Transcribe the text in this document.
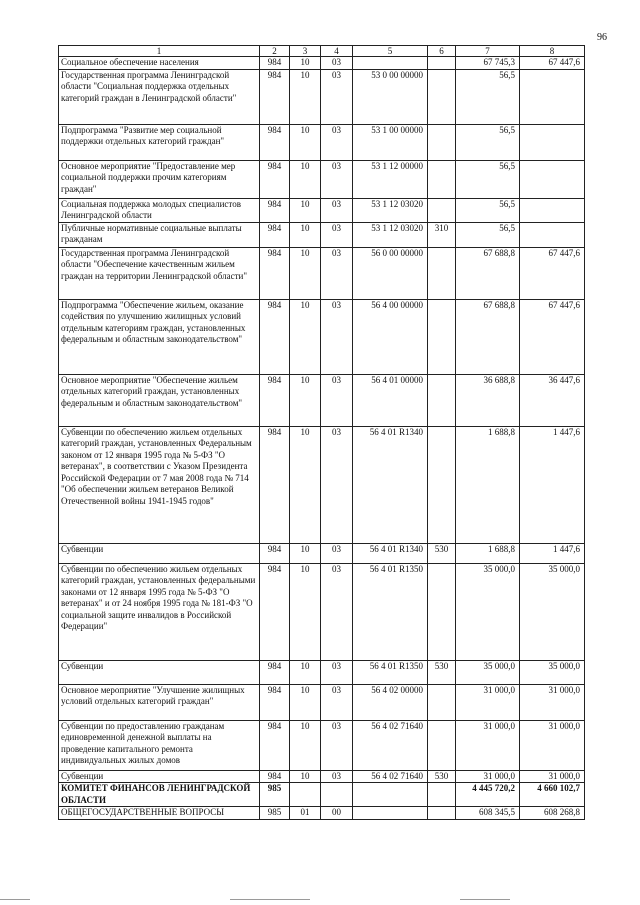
96
1	2	3	4	5	6	7	8
Социальное обеспечение населения	984	10	03			67 745,3	67 447,6
Государственная программа Ленинградской области "Социальная поддержка отдельных категорий граждан в Ленинградской области"	984	10	03	53 0 00 00000		56,5	
Подпрограмма "Развитие мер социальной поддержки отдельных категорий граждан"	984	10	03	53 1 00 00000		56,5	
Основное мероприятие "Предоставление мер социальной поддержки прочим категориям граждан"	984	10	03	53 1 12 00000		56,5	
Социальная поддержка молодых специалистов Ленинградской области	984	10	03	53 1 12 03020		56,5	
Публичные нормативные социальные выплаты гражданам	984	10	03	53 1 12 03020	310	56,5	
Государственная программа Ленинградской области "Обеспечение качественным жильем граждан на территории Ленинградской области"	984	10	03	56 0 00 00000		67 688,8	67 447,6
Подпрограмма "Обеспечение жильем, оказание содействия по улучшению жилищных условий отдельным категориям граждан, установленных федеральным и областным законодательством"	984	10	03	56 4 00 00000		67 688,8	67 447,6
Основное мероприятие "Обеспечение жильем отдельных категорий граждан, установленных федеральным и областным законодательством"	984	10	03	56 4 01 00000		36 688,8	36 447,6
Субвенции по обеспечению жильем отдельных категорий граждан, установленных Федеральным законом от 12 января 1995 года № 5-ФЗ "О ветеранах", в соответствии с Указом Президента Российской Федерации от 7 мая 2008 года № 714 "Об обеспечении жильем ветеранов Великой Отечественной войны 1941-1945 годов"	984	10	03	56 4 01 R1340		1 688,8	1 447,6
Субвенции	984	10	03	56 4 01 R1340	530	1 688,8	1 447,6
Субвенции по обеспечению жильем отдельных категорий граждан, установленных федеральными законами от 12 января 1995 года № 5-ФЗ "О ветеранах" и от 24 ноября 1995 года № 181-ФЗ "О социальной защите инвалидов в Российской Федерации"	984	10	03	56 4 01 R1350		35 000,0	35 000,0
Субвенции	984	10	03	56 4 01 R1350	530	35 000,0	35 000,0
Основное мероприятие "Улучшение жилищных условий отдельных категорий граждан"	984	10	03	56 4 02 00000		31 000,0	31 000,0
Субвенции по предоставлению гражданам единовременной денежной выплаты на проведение капитального ремонта индивидуальных жилых домов	984	10	03	56 4 02 71640		31 000,0	31 000,0
Субвенции	984	10	03	56 4 02 71640	530	31 000,0	31 000,0
КОМИТЕТ ФИНАНСОВ ЛЕНИНГРАДСКОЙ ОБЛАСТИ	985					4 445 720,2	4 660 102,7
ОБЩЕГОСУДАРСТВЕННЫЕ ВОПРОСЫ	985	01	00			608 345,5	608 268,8
